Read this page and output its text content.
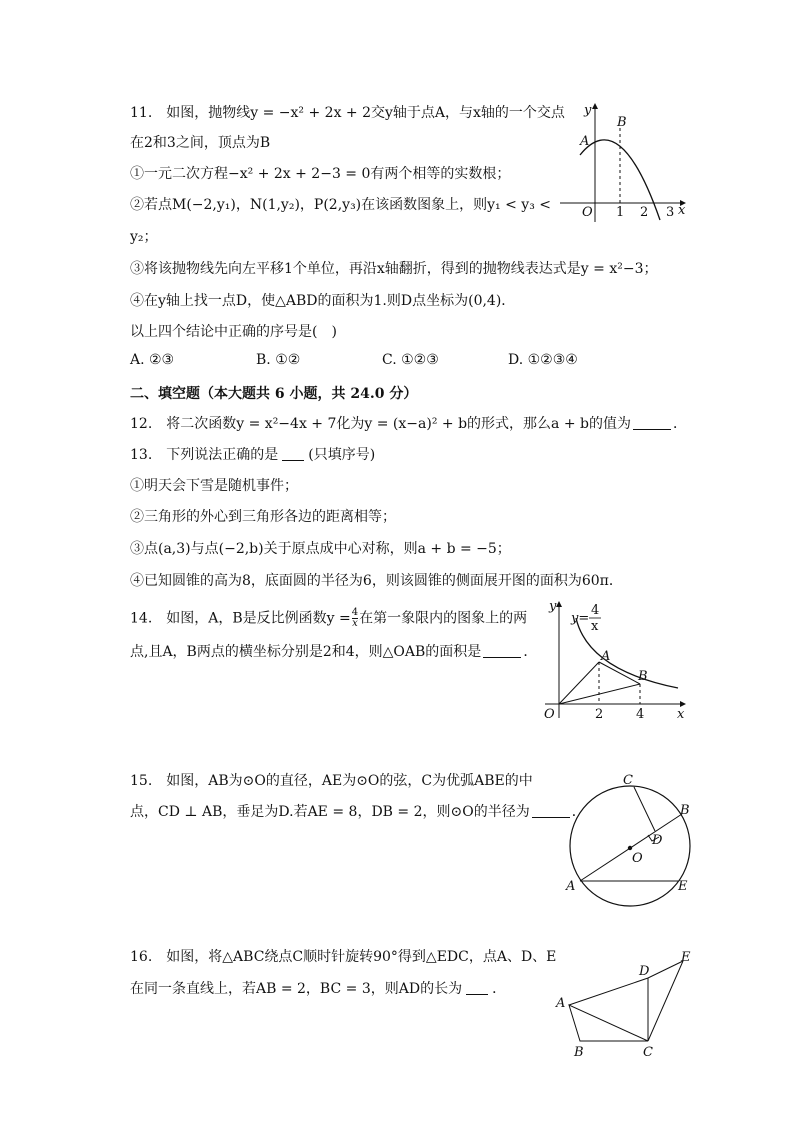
11.　如图，抛物线y = −x² + 2x + 2交y轴于点A，与x轴的一个交点
在2和3之间，顶点为B
①一元二次方程−x² + 2x + 2−3 = 0有两个相等的实数根；
②若点M(−2,y₁)，N(1,y₂)，P(2,y₃)在该函数图象上，则y₁ < y₃ <
y₂；
③将该抛物线先向左平移1个单位，再沿x轴翻折，得到的抛物线表达式是y = x²−3；
④在y轴上找一点D，使△ABD的面积为1.则D点坐标为(0,4)．
以上四个结论中正确的序号是(　)
A. ②③	B. ①②	C. ①②③	D. ①②③④
y
x
A
B
O 1 2 3
二、填空题（本大题共 6 小题，共 24.0 分）
12.　将二次函数y = x²−4x + 7化为y = (x−a)² + b的形式，那么a + b的值为	．
13.　下列说法正确的是 (只填序号)
①明天会下雪是随机事件；
②三角形的外心到三角形各边的距离相等；
③点(a,3)与点(−2,b)关于原点成中心对称，则a + b = −5；
④已知圆锥的高为8，底面圆的半径为6，则该圆锥的侧面展开图的面积为60π．
14.　如图，A，B是反比例函数$y = \frac{4}{x}$ 在第一象限内的图象上的两
点,且A，B两点的横坐标分别是2和4，则△OAB的面积是	．
y=
4
x
y
x
A
B
O	2	4
15.　如图，AB为⊙O的直径，AE为⊙O的弦，C为优弧ABE的中
点，CD ⊥ AB，垂足为D.若AE = 8，DB = 2，则⊙O的半径为	．
C
B
D
O
A	E
16.　如图，将△ABC绕点C顺时针旋转90°得到△EDC，点A、D、E
在同一条直线上，若AB = 2，BC = 3，则AD的长为 ．
A
B	C
D
E
